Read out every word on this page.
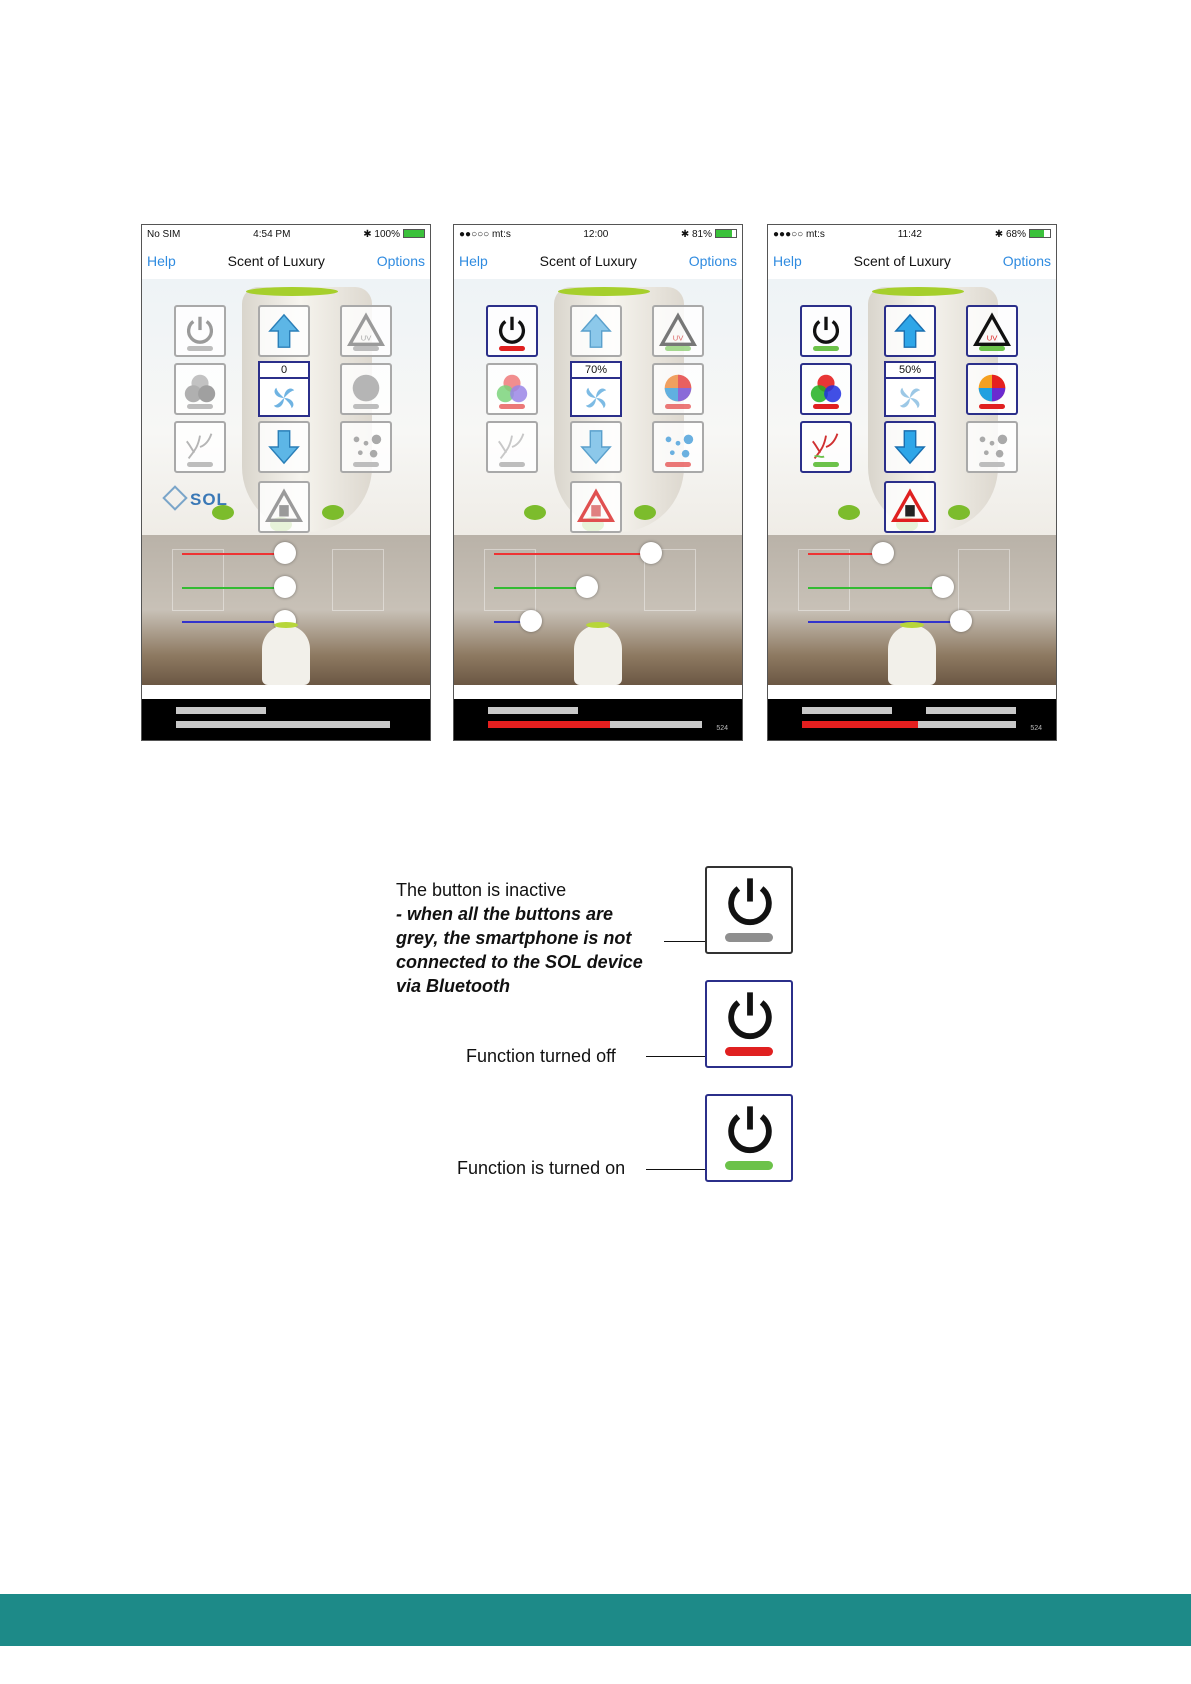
No SIM	4:54 PM	✱ 100%
Help	Scent of Luxury	Options
UV
0
SOL
●●○○○ mt:s	12:00	✱ 81%
Help	Scent of Luxury	Options
UV
70%
524
●●●○○ mt:s	11:42	✱ 68%
Help	Scent of Luxury	Options
UV
50%
524
The button is inactive
- when all the buttons are
grey, the smartphone is not
connected to the SOL device
via Bluetooth
Function turned off
Function is turned on
